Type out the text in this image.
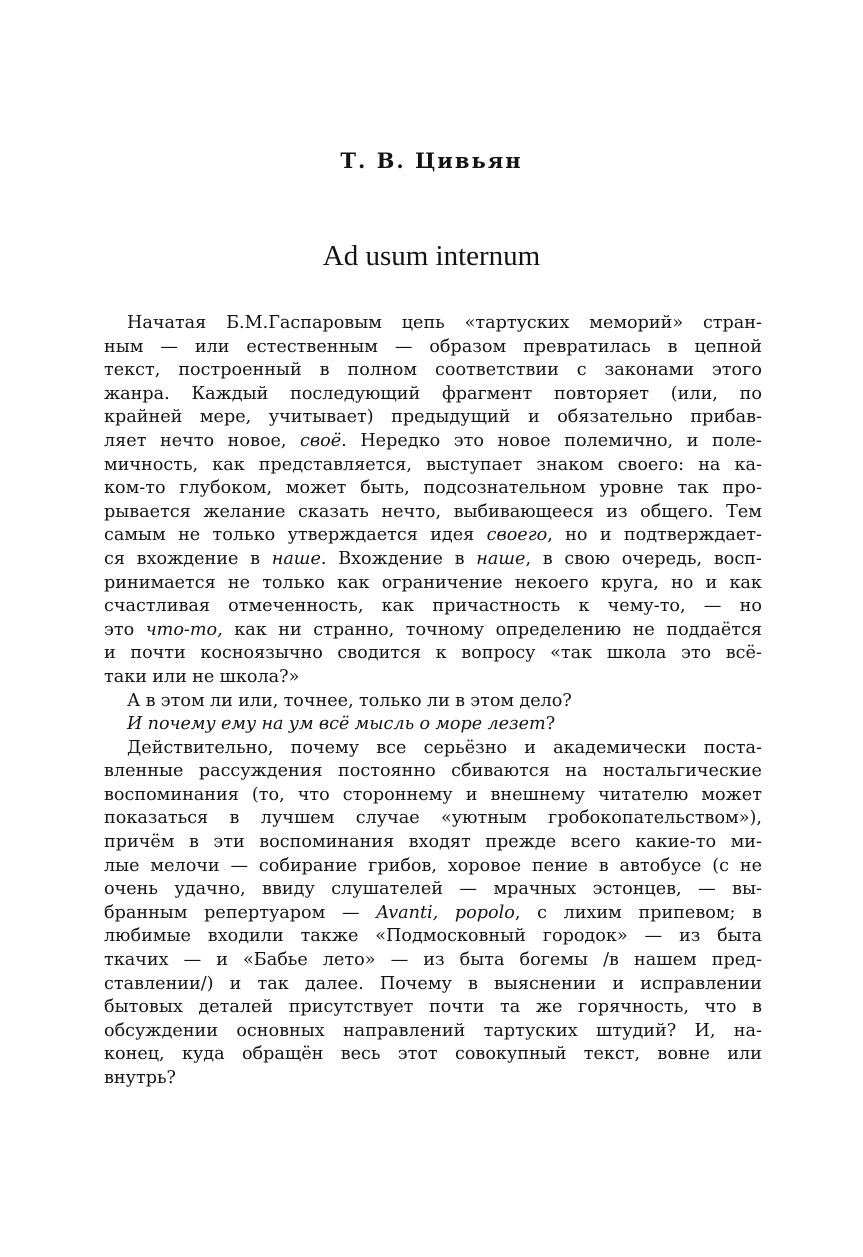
Т. В. Цивьян
Ad usum internum
Начатая Б.М.Гаспаровым цепь «тартуских меморий» стран-
ным — или естественным — образом превратилась в цепной
текст, построенный в полном соответствии с законами этого
жанра. Каждый последующий фрагмент повторяет (или, по
крайней мере, учитывает) предыдущий и обязательно прибав-
ляет нечто новое, своё. Нередко это новое полемично, и поле-
мичность, как представляется, выступает знаком своего: на ка-
ком-то глубоком, может быть, подсознательном уровне так про-
рывается желание сказать нечто, выбивающееся из общего. Тем
самым не только утверждается идея своего, но и подтверждает-
ся вхождение в наше. Вхождение в наше, в свою очередь, восп-
ринимается не только как ограничение некоего круга, но и как
счастливая отмеченность, как причастность к чему-то, — но
это что-то, как ни странно, точному определению не поддаётся
и почти косноязычно сводится к вопросу «так школа это всё-
таки или не школа?»
А в этом ли или, точнее, только ли в этом дело?
И почему ему на ум всё мысль о море лезет?
Действительно, почему все серьёзно и академически поста-
вленные рассуждения постоянно сбиваются на ностальгические
воспоминания (то, что стороннему и внешнему читателю может
показаться в лучшем случае «уютным гробокопательством»),
причём в эти воспоминания входят прежде всего какие-то ми-
лые мелочи — собирание грибов, хоровое пение в автобусе (с не
очень удачно, ввиду слушателей — мрачных эстонцев, — вы-
бранным репертуаром — Avanti, popolo, с лихим припевом; в
любимые входили также «Подмосковный городок» — из быта
ткачих — и «Бабье лето» — из быта богемы /в нашем пред-
ставлении/) и так далее. Почему в выяснении и исправлении
бытовых деталей присутствует почти та же горячность, что в
обсуждении основных направлений тартуских штудий? И, на-
конец, куда обращён весь этот совокупный текст, вовне или
внутрь?
